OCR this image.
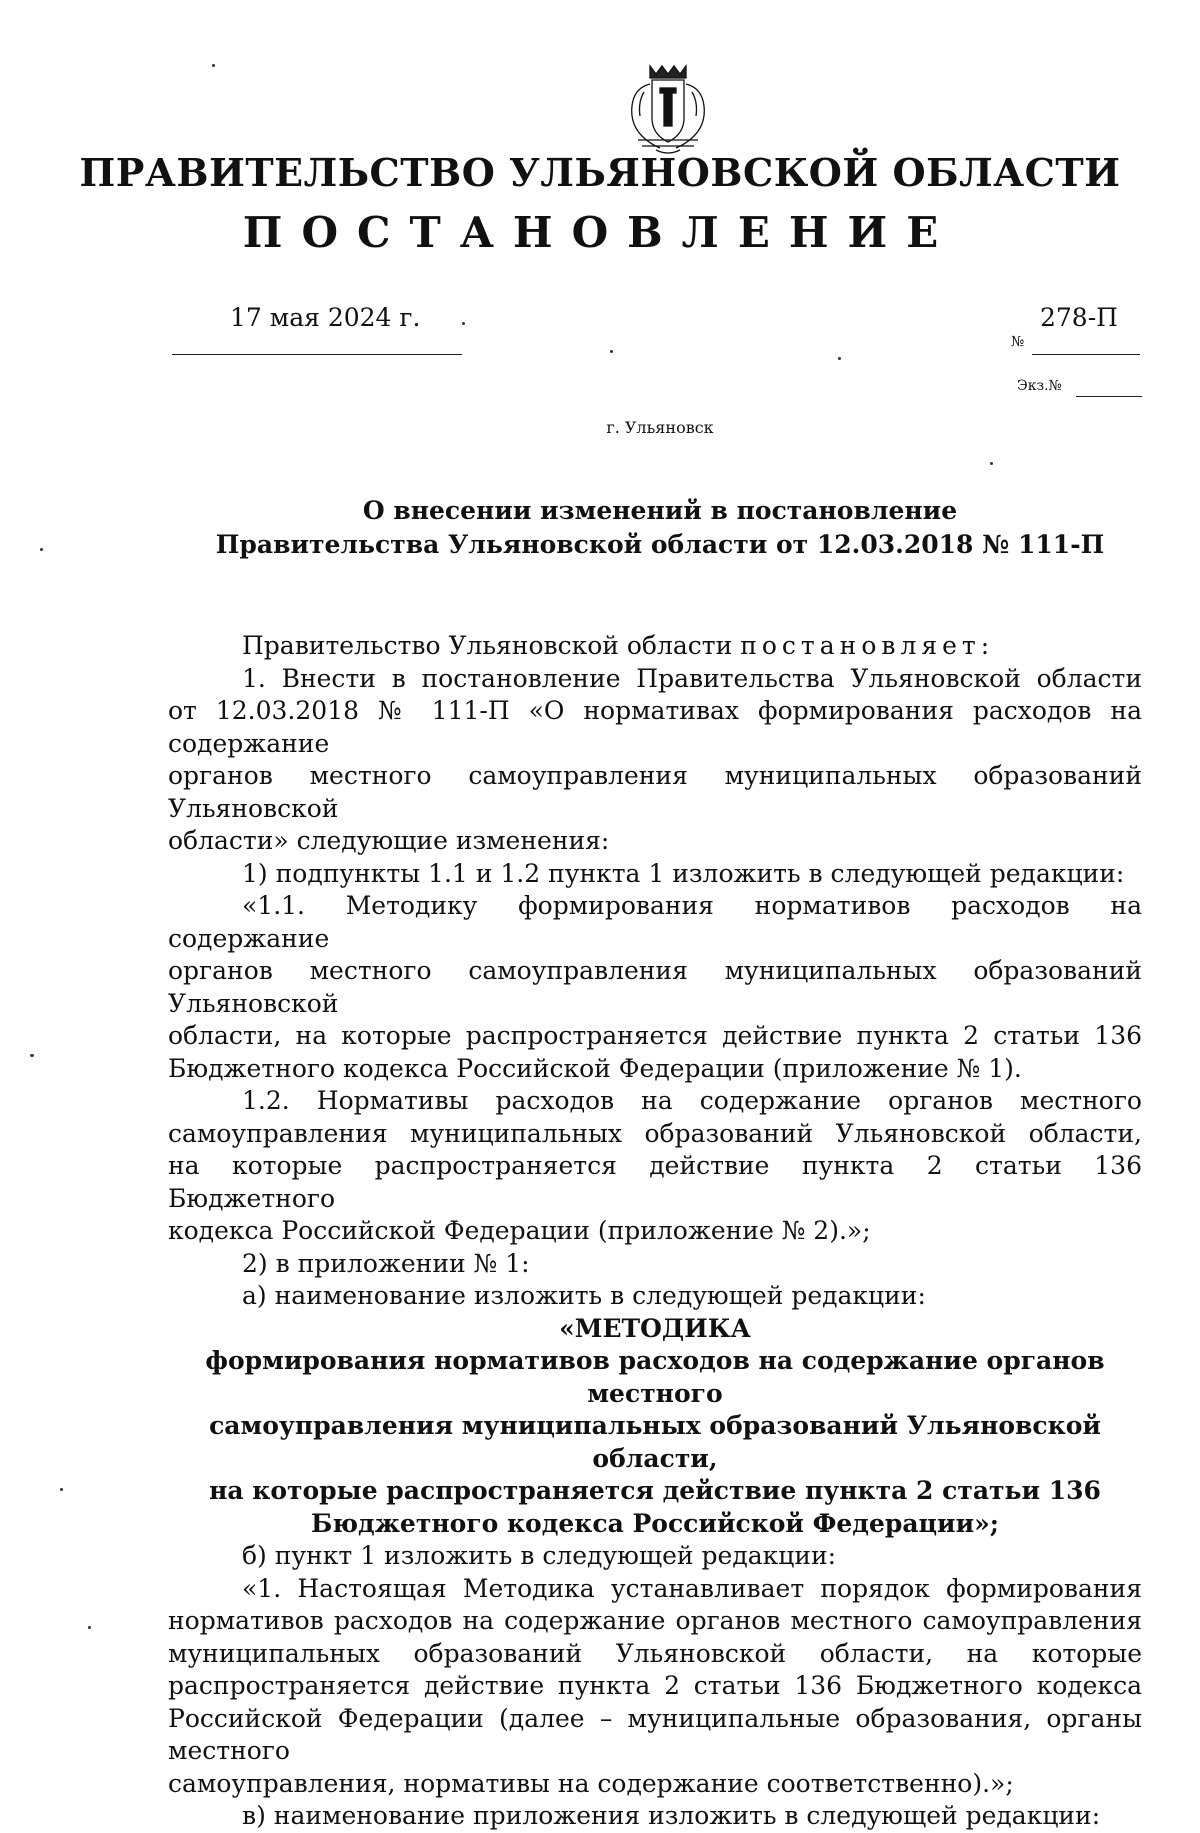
ПРАВИТЕЛЬСТВО УЛЬЯНОВСКОЙ ОБЛАСТИ
ПОСТАНОВЛЕНИЕ
17 мая 2024 г.	278-П
№
Экз.№
г. Ульяновск
О внесении изменений в постановление
Правительства Ульяновской области от 12.03.2018 № 111-П

Правительство Ульяновской области постановляет:

1. Внести в постановление Правительства Ульяновской области

от 12.03.2018 № 111-П «О нормативах формирования расходов на содержание

органов местного самоуправления муниципальных образований Ульяновской

области» следующие изменения:

1) подпункты 1.1 и 1.2 пункта 1 изложить в следующей редакции:

«1.1. Методику формирования нормативов расходов на содержание

органов местного самоуправления муниципальных образований Ульяновской

области, на которые распространяется действие пункта 2 статьи 136

Бюджетного кодекса Российской Федерации (приложение № 1).

1.2. Нормативы расходов на содержание органов местного

самоуправления муниципальных образований Ульяновской области,

на которые распространяется действие пункта 2 статьи 136 Бюджетного

кодекса Российской Федерации (приложение № 2).»;

2) в приложении № 1:

а) наименование изложить в следующей редакции:

«МЕТОДИКА

формирования нормативов расходов на содержание органов местного

самоуправления муниципальных образований Ульяновской области,

на которые распространяется действие пункта 2 статьи 136

Бюджетного кодекса Российской Федерации»;

б) пункт 1 изложить в следующей редакции:

«1. Настоящая Методика устанавливает порядок формирования

нормативов расходов на содержание органов местного самоуправления

муниципальных образований Ульяновской области, на которые

распространяется действие пункта 2 статьи 136 Бюджетного кодекса

Российской Федерации (далее – муниципальные образования, органы местного

самоуправления, нормативы на содержание соответственно).»;

в) наименование приложения изложить в следующей редакции:
